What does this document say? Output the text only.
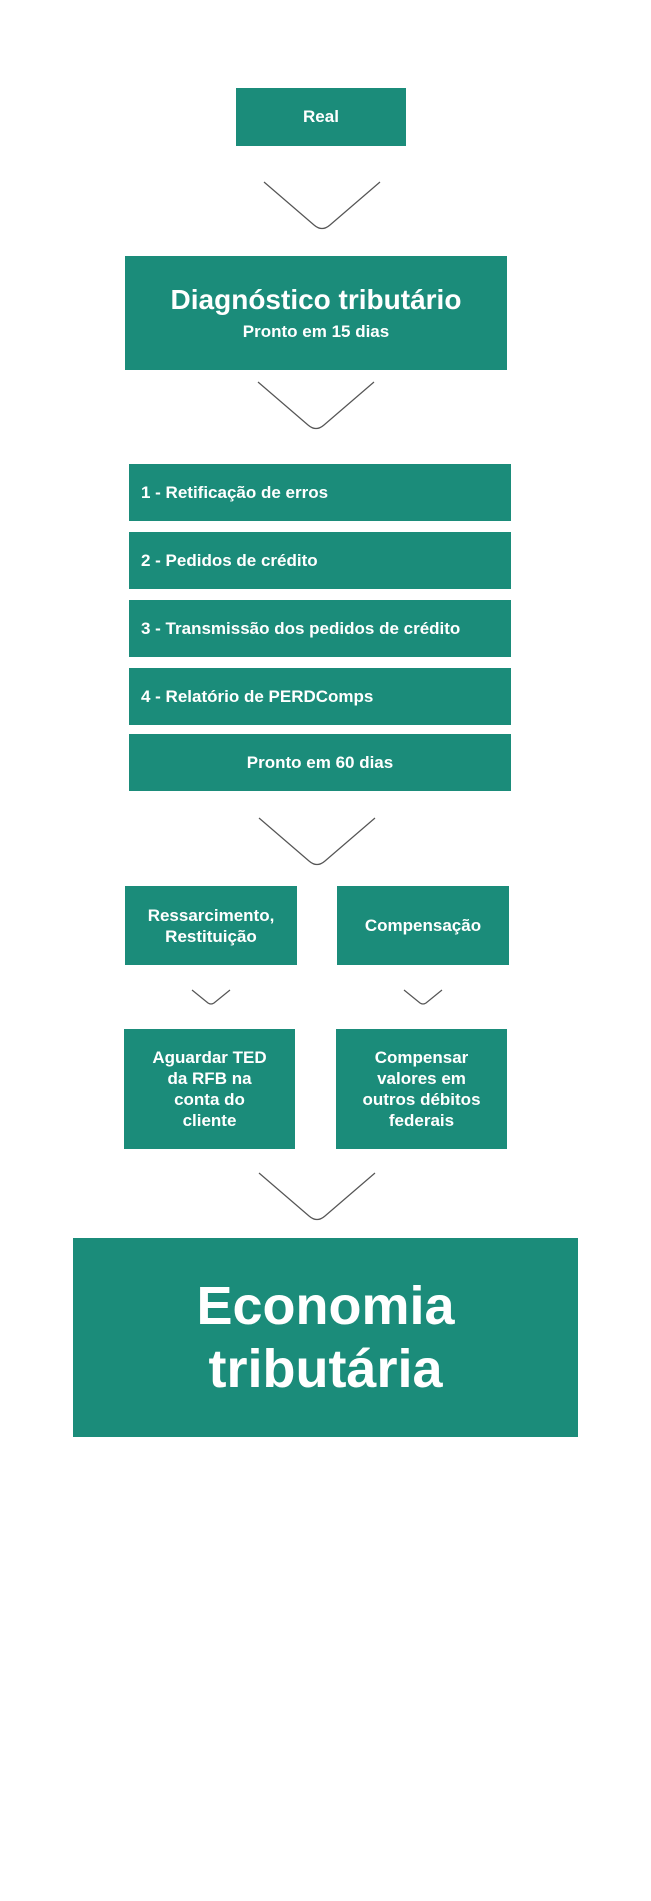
Real
Diagnóstico tributário
Pronto em 15 dias
1 - Retificação de erros
2 - Pedidos de crédito
3 - Transmissão dos pedidos de crédito
4 - Relatório de PERDComps
Pronto em 60 dias
Ressarcimento,
Restituição
Compensação
Aguardar TED
da RFB na
conta do
cliente
Compensar
valores em
outros débitos
federais
Economia
tributária
